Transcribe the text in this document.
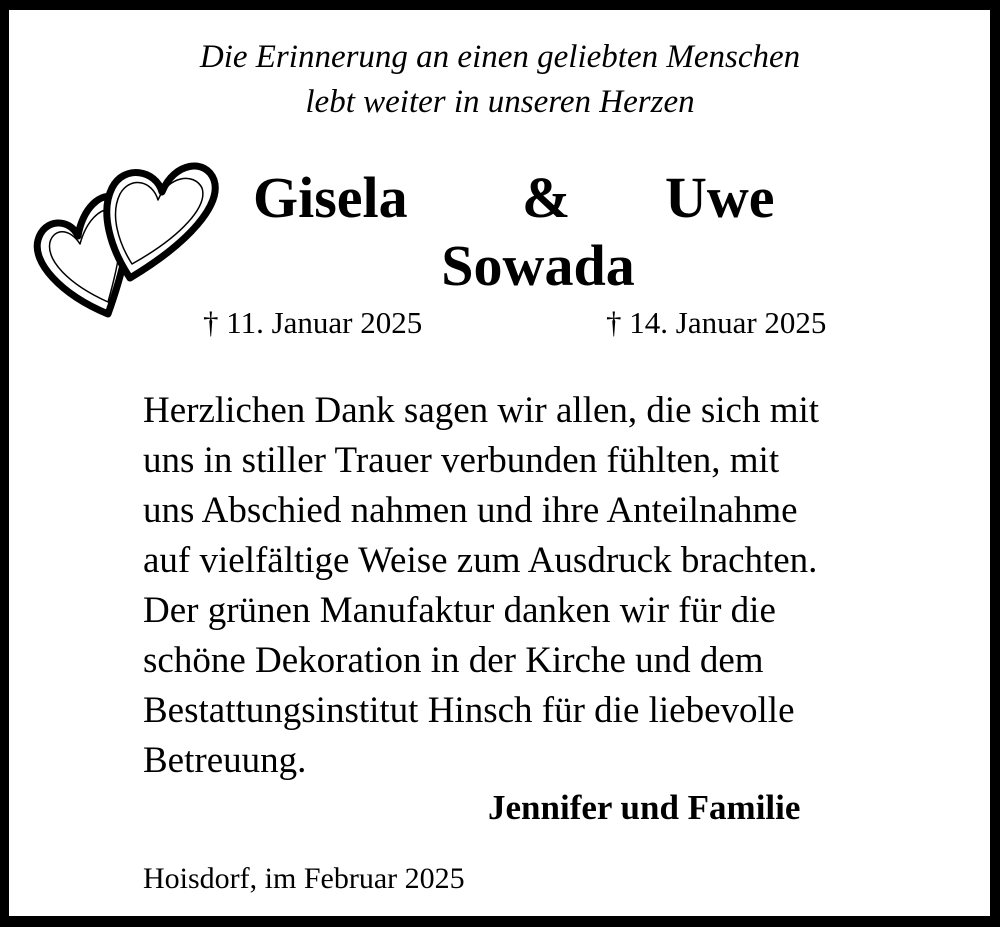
Die Erinnerung an einen geliebten Menschen
lebt weiter in unseren Herzen
Gisela & Uwe
Sowada
† 11. Januar 2025	† 14. Januar 2025
Herzlichen Dank sagen wir allen, die sich mit
uns in stiller Trauer verbunden fühlten, mit
uns Abschied nahmen und ihre Anteilnahme
auf vielfältige Weise zum Ausdruck brachten.
Der grünen Manufaktur danken wir für die
schöne Dekoration in der Kirche und dem
Bestattungsinstitut Hinsch für die liebevolle
Betreuung.
Jennifer und Familie
Hoisdorf, im Februar 2025
